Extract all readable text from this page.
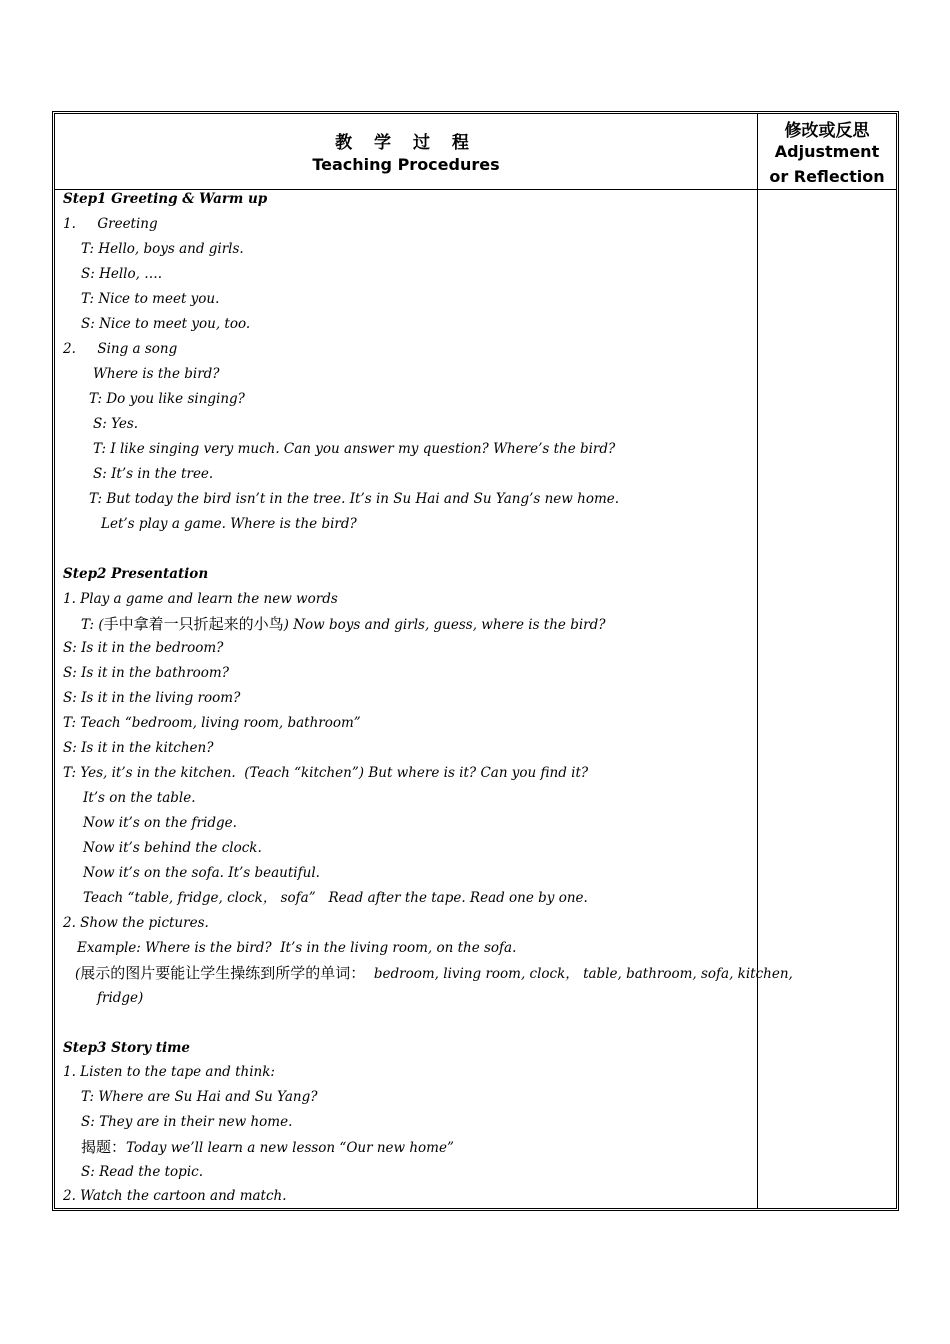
教 学 过 程
Teaching Procedures
修改或反思
Adjustment
or Reflection
Step1 Greeting & Warm up
1.     Greeting
T: Hello, boys and girls.
S: Hello, ….
T: Nice to meet you.
S: Nice to meet you, too.
2.     Sing a song
Where is the bird?
T: Do you like singing?
S: Yes.
T: I like singing very much. Can you answer my question? Where’s the bird?
S: It’s in the tree.
T: But today the bird isn’t in the tree. It’s in Su Hai and Su Yang’s new home.
Let’s play a game. Where is the bird?
Step2 Presentation
1. Play a game and learn the new words
T: (手中拿着一只折起来的小鸟) Now boys and girls, guess, where is the bird?
S: Is it in the bedroom?
S: Is it in the bathroom?
S: Is it in the living room?
T: Teach “bedroom, living room, bathroom”
S: Is it in the kitchen?
T: Yes, it’s in the kitchen.  (Teach “kitchen”) But where is it? Can you find it?
It’s on the table.
Now it’s on the fridge.
Now it’s behind the clock.
Now it’s on the sofa. It’s beautiful.
Teach “table, fridge, clock， sofa”   Read after the tape. Read one by one.
2. Show the pictures.
Example: Where is the bird?  It’s in the living room, on the sofa.
(展示的图片要能让学生操练到所学的单词：  bedroom, living room, clock， table, bathroom, sofa, kitchen,
fridge)
Step3 Story time
1. Listen to the tape and think:
T: Where are Su Hai and Su Yang?
S: They are in their new home.
揭题：Today we’ll learn a new lesson “Our new home”
S: Read the topic.
2. Watch the cartoon and match.
